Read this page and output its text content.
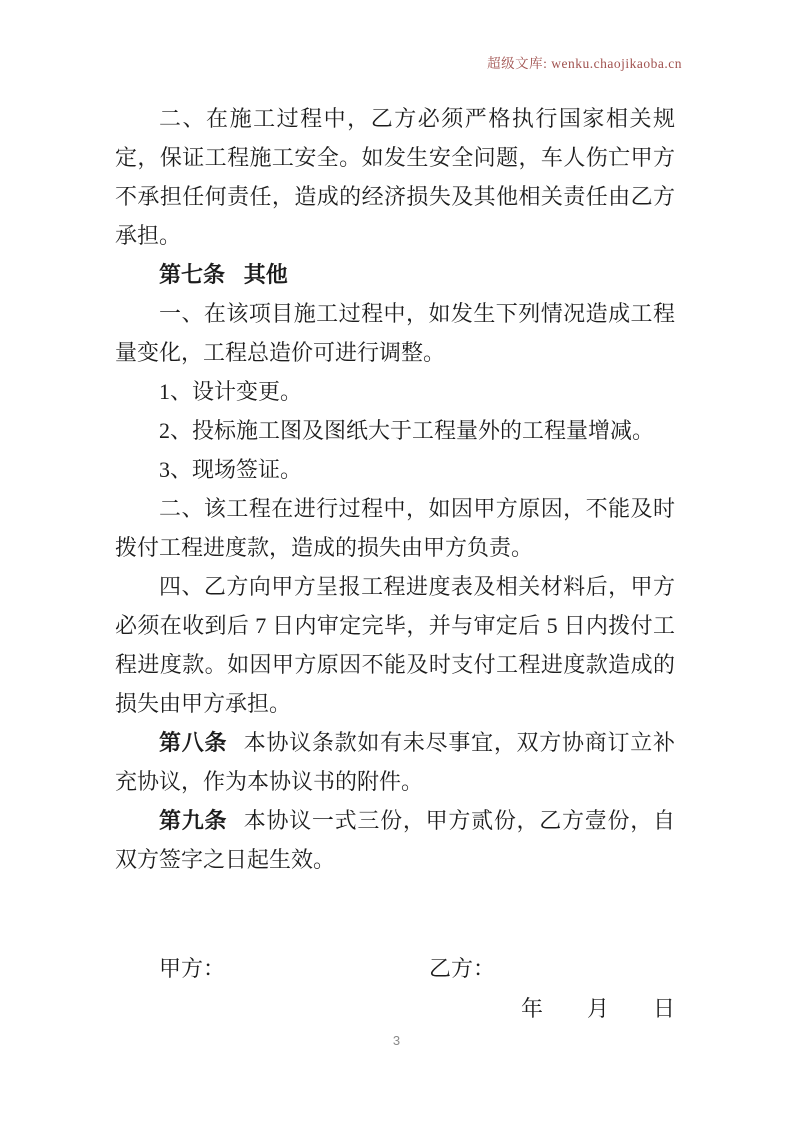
超级文库: wenku.chaojikaoba.cn

二、在施工过程中，乙方必须严格执行国家相关规定，保证工程施工安全。如发生安全问题，车人伤亡甲方不承担任何责任，造成的经济损失及其他相关责任由乙方承担。

第七条 其他

一、在该项目施工过程中，如发生下列情况造成工程量变化，工程总造价可进行调整。

1、设计变更。

2、投标施工图及图纸大于工程量外的工程量增减。

3、现场签证。

二、该工程在进行过程中，如因甲方原因，不能及时拨付工程进度款，造成的损失由甲方负责。

四、乙方向甲方呈报工程进度表及相关材料后，甲方必须在收到后 7 日内审定完毕，并与审定后 5 日内拨付工程进度款。如因甲方原因不能及时支付工程进度款造成的损失由甲方承担。

第八条 本协议条款如有未尽事宜，双方协商订立补充协议，作为本协议书的附件。

第九条 本协议一式三份，甲方贰份，乙方壹份，自双方签字之日起生效。

甲方：	乙方：
年　　月　　日
3
